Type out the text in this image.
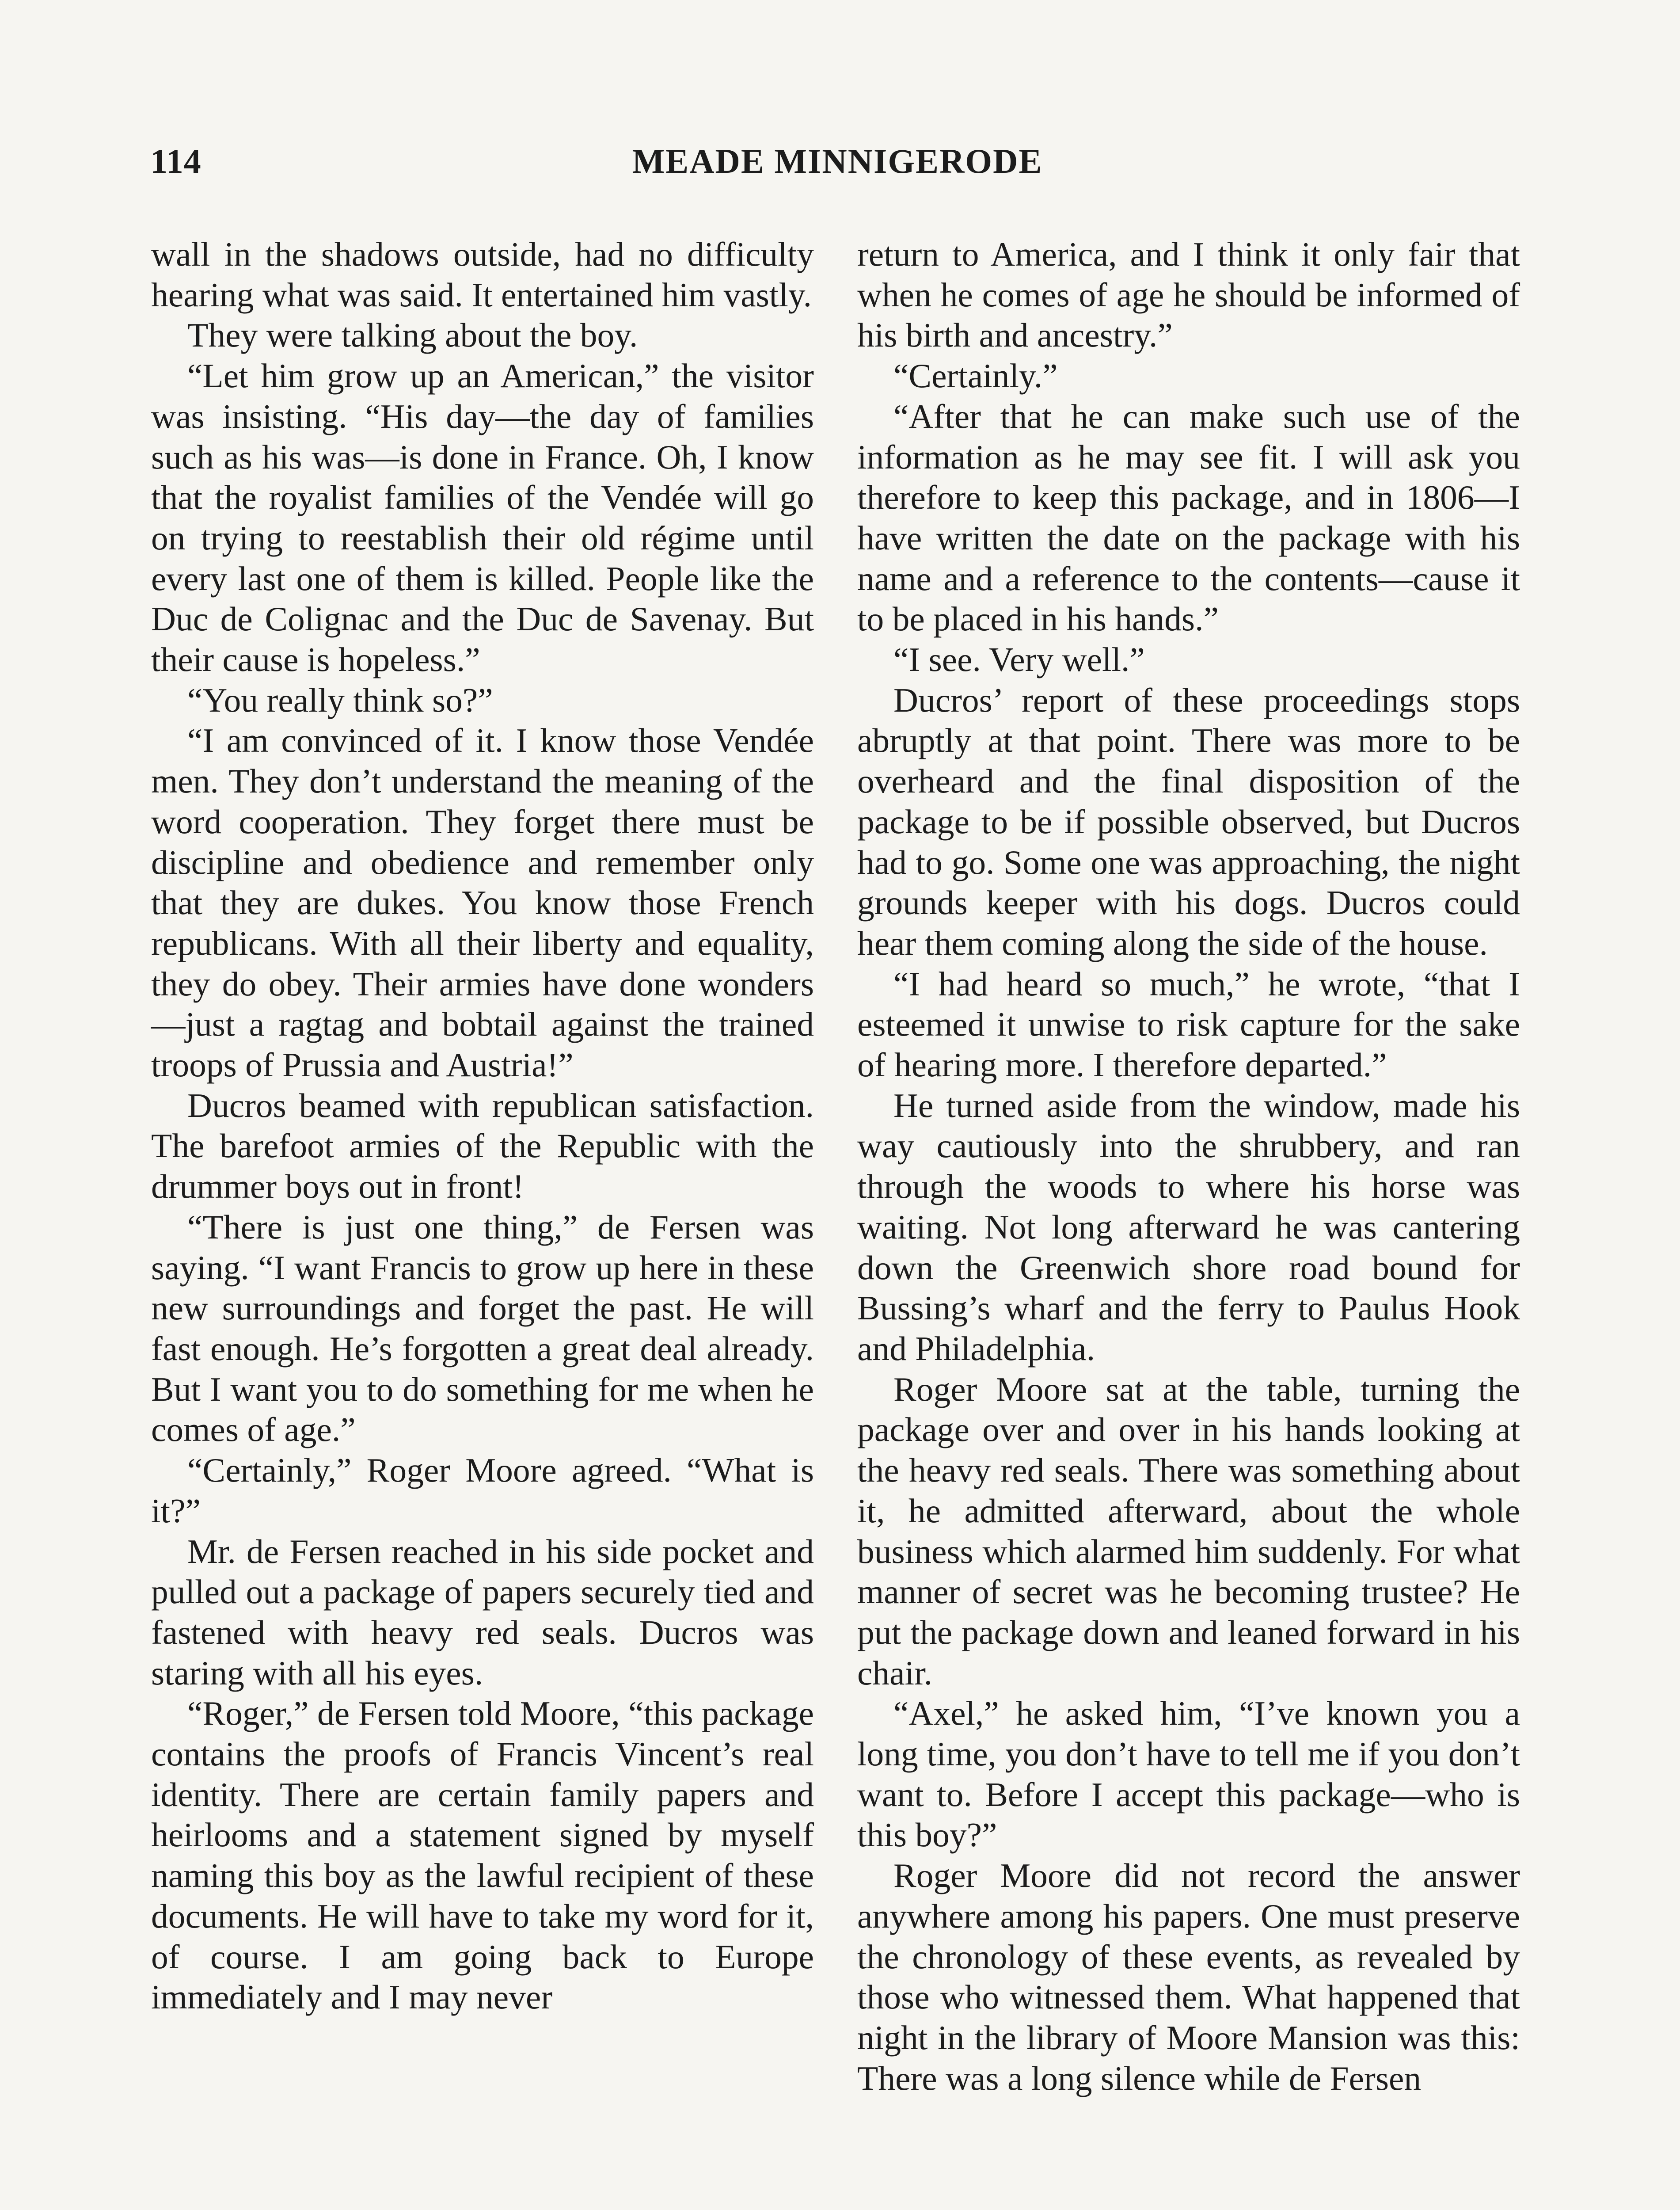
114	MEADE MINNIGERODE

wall in the shadows outside, had no difficulty hearing what was said. It entertained him vastly.

They were talking about the boy.

“Let him grow up an American,” the visitor was insisting. “His day—the day of families such as his was—is done in France. Oh, I know that the royalist families of the Vendée will go on trying to reestablish their old régime until every last one of them is killed. People like the Duc de Colignac and the Duc de Savenay. But their cause is hopeless.”

“You really think so?”

“I am convinced of it. I know those Vendée men. They don’t understand the meaning of the word cooperation. They forget there must be discipline and obedience and remember only that they are dukes. You know those French republicans. With all their liberty and equality, they do obey. Their armies have done wonders—just a ragtag and bobtail against the trained troops of Prussia and Austria!”

Ducros beamed with republican satisfaction. The barefoot armies of the Republic with the drummer boys out in front!

“There is just one thing,” de Fersen was saying. “I want Francis to grow up here in these new surroundings and forget the past. He will fast enough. He’s forgotten a great deal already. But I want you to do something for me when he comes of age.”

“Certainly,” Roger Moore agreed. “What is it?”

Mr. de Fersen reached in his side pocket and pulled out a package of papers securely tied and fastened with heavy red seals. Ducros was staring with all his eyes.

“Roger,” de Fersen told Moore, “this package contains the proofs of Francis Vincent’s real identity. There are certain family papers and heirlooms and a statement signed by myself naming this boy as the lawful recipient of these documents. He will have to take my word for it, of course. I am going back to Europe immediately and I may never

return to America, and I think it only fair that when he comes of age he should be informed of his birth and ancestry.”

“Certainly.”

“After that he can make such use of the information as he may see fit. I will ask you therefore to keep this package, and in 1806—I have written the date on the package with his name and a reference to the contents—cause it to be placed in his hands.”

“I see. Very well.”

Ducros’ report of these proceedings stops abruptly at that point. There was more to be overheard and the final disposition of the package to be if possible observed, but Ducros had to go. Some one was approaching, the night grounds keeper with his dogs. Ducros could hear them coming along the side of the house.

“I had heard so much,” he wrote, “that I esteemed it unwise to risk capture for the sake of hearing more. I therefore departed.”

He turned aside from the window, made his way cautiously into the shrubbery, and ran through the woods to where his horse was waiting. Not long afterward he was cantering down the Greenwich shore road bound for Bussing’s wharf and the ferry to Paulus Hook and Philadelphia.

Roger Moore sat at the table, turning the package over and over in his hands looking at the heavy red seals. There was something about it, he admitted afterward, about the whole business which alarmed him suddenly. For what manner of secret was he becoming trustee? He put the package down and leaned forward in his chair.

“Axel,” he asked him, “I’ve known you a long time, you don’t have to tell me if you don’t want to. Before I accept this package—who is this boy?”

Roger Moore did not record the answer anywhere among his papers. One must preserve the chronology of these events, as revealed by those who witnessed them. What happened that night in the library of Moore Mansion was this: There was a long silence while de Fersen
